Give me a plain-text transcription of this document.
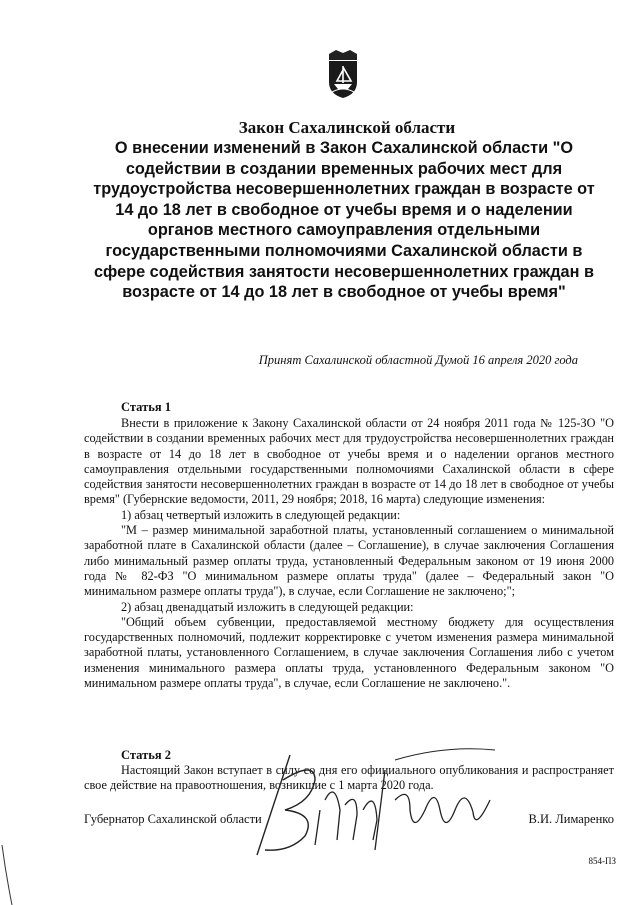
Закон Сахалинской области
О внесении изменений в Закон Сахалинской области "О содействии в создании временных рабочих мест для трудоустройства несовершеннолетних граждан в возрасте от 14 до 18 лет в свободное от учебы время и о наделении органов местного самоуправления отдельными государственными полномочиями Сахалинской области в сфере содействия занятости несовершеннолетних граждан в возрасте от 14 до 18 лет в свободное от учебы время"
Принят Сахалинской областной Думой 16 апреля 2020 года
Статья 1

Внести в приложение к Закону Сахалинской области от 24 ноября 2011 года № 125-ЗО "О содействии в создании временных рабочих мест для трудоустройства несовершеннолетних граждан в возрасте от 14 до 18 лет в свободное от учебы время и о наделении органов местного самоуправления отдельными государственными полномочиями Сахалинской области в сфере содействия занятости несовершеннолетних граждан в возрасте от 14 до 18 лет в свободное от учебы время" (Губернские ведомости, 2011, 29 ноября; 2018, 16 марта) следующие изменения:

1) абзац четвертый изложить в следующей редакции:

"М – размер минимальной заработной платы, установленный соглашением о минимальной заработной плате в Сахалинской области (далее – Соглашение), в случае заключения Соглашения либо минимальный размер оплаты труда, установленный Федеральным законом от 19 июня 2000 года № 82-ФЗ "О минимальном размере оплаты труда" (далее – Федеральный закон "О минимальном размере оплаты труда"), в случае, если Соглашение не заключено;";

2) абзац двенадцатый изложить в следующей редакции:

"Общий объем субвенции, предоставляемой местному бюджету для осуществления государственных полномочий, подлежит корректировке с учетом изменения размера минимальной заработной платы, установленного Соглашением, в случае заключения Соглашения либо с учетом изменения минимального размера оплаты труда, установленного Федеральным законом "О минимальном размере оплаты труда", в случае, если Соглашение не заключено.".

Статья 2

Настоящий Закон вступает в силу со дня его официального опубликования и распространяет свое действие на правоотношения, возникшие с 1 марта 2020 года.

Губернатор Сахалинской области	В.И. Лимаренко
854-ПЗ
